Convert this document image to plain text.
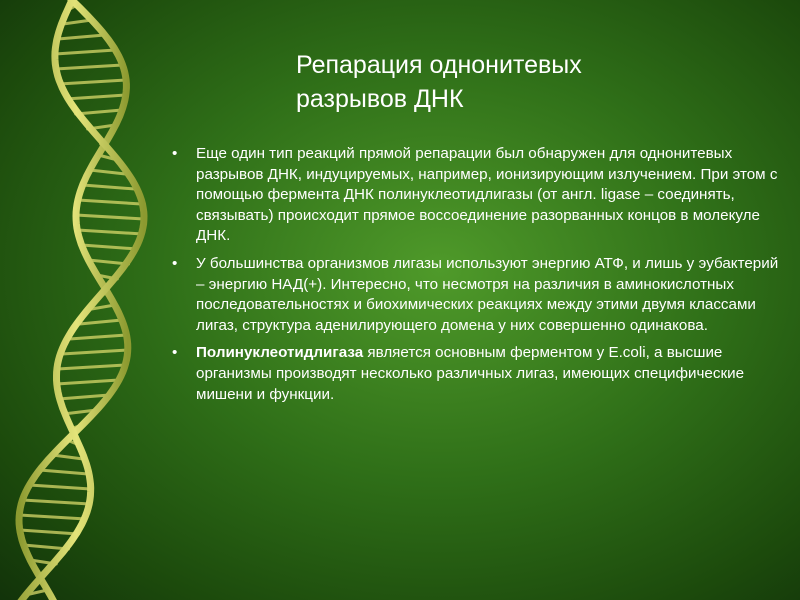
Репарация однонитевых
разрывов ДНК
• Еще один тип реакций прямой репарации был обнаружен для однонитевых разрывов ДНК, индуцируемых, например, ионизирующим излучением. При этом с помощью фермента ДНК полинуклеотидлигазы (от англ. ligase – соединять, связывать) происходит прямое воссоединение разорванных концов в молекуле ДНК.
• У большинства организмов лигазы используют энергию АТФ, и лишь у эубактерий – энергию НАД(+). Интересно, что несмотря на различия в аминокислотных последовательностях и биохимических реакциях между этими двумя классами лигаз, структура аденилирующего домена у них совершенно одинакова.
• Полинуклеотидлигаза является основным ферментом у E.coli, а высшие организмы производят несколько различных лигаз, имеющих специфические мишени и функции.
